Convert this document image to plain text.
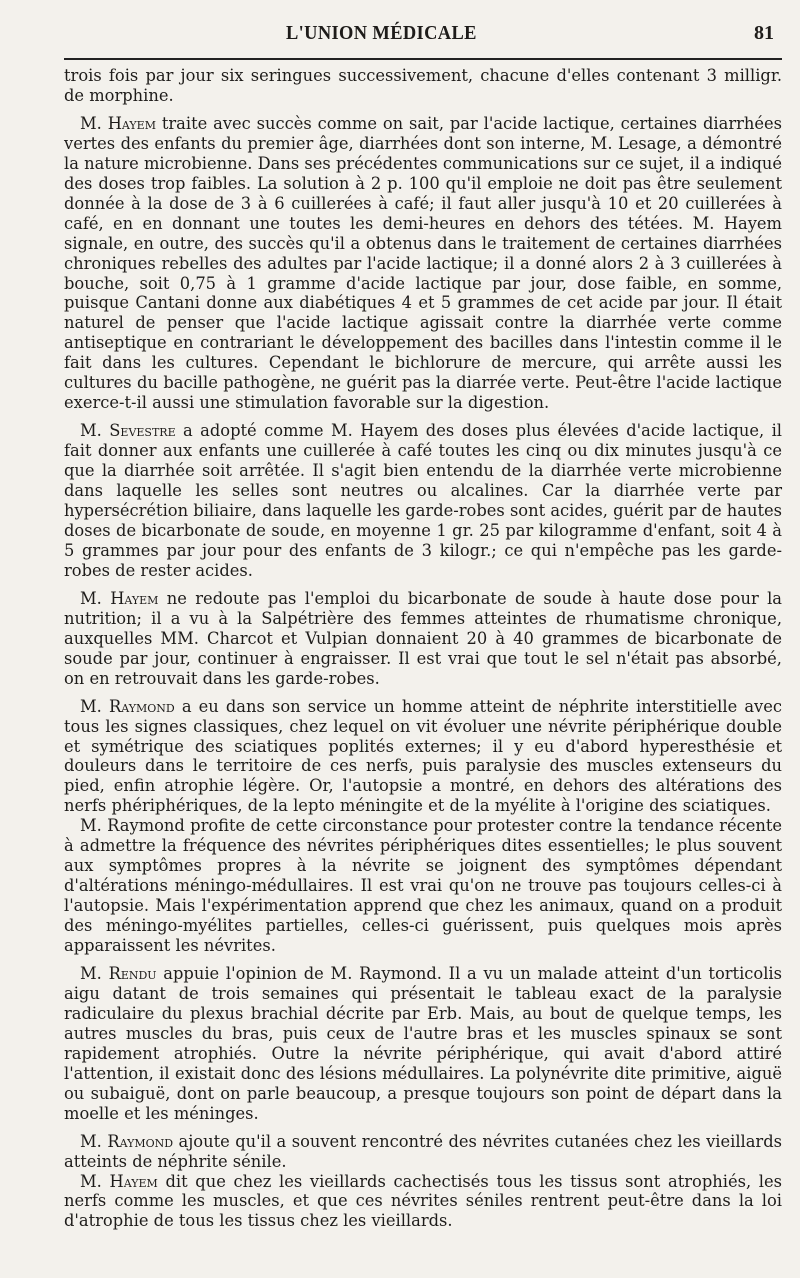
L'UNION MÉDICALE	81

trois fois par jour six seringues successivement, chacune d'elles contenant 3 milligr. de morphine.

M. Hayem traite avec succès comme on sait, par l'acide lactique, certaines diarrhées vertes des enfants du premier âge, diarrhées dont son interne, M. Lesage, a démontré la nature microbienne. Dans ses précédentes communications sur ce sujet, il a indiqué des doses trop faibles. La solution à 2 p. 100 qu'il emploie ne doit pas être seulement donnée à la dose de 3 à 6 cuillerées à café; il faut aller jusqu'à 10 et 20 cuillerées à café, en en donnant une toutes les demi-heures en dehors des tétées. M. Hayem signale, en outre, des succès qu'il a obtenus dans le traitement de certaines diarrhées chroniques rebelles des adultes par l'acide lactique; il a donné alors 2 à 3 cuillerées à bouche, soit 0,75 à 1 gramme d'acide lactique par jour, dose faible, en somme, puisque Cantani donne aux diabétiques 4 et 5 grammes de cet acide par jour. Il était naturel de penser que l'acide lactique agissait contre la diarrhée verte comme antiseptique en contrariant le développement des bacilles dans l'intestin comme il le fait dans les cultures. Cependant le bichlorure de mercure, qui arrête aussi les cultures du bacille pathogène, ne guérit pas la diarrée verte. Peut-être l'acide lactique exerce-t-il aussi une stimulation favorable sur la digestion.

M. Sevestre a adopté comme M. Hayem des doses plus élevées d'acide lactique, il fait donner aux enfants une cuillerée à café toutes les cinq ou dix minutes jusqu'à ce que la diarrhée soit arrêtée. Il s'agit bien entendu de la diarrhée verte microbienne dans laquelle les selles sont neutres ou alcalines. Car la diarrhée verte par hypersécrétion biliaire, dans laquelle les garde-robes sont acides, guérit par de hautes doses de bicarbonate de soude, en moyenne 1 gr. 25 par kilogramme d'enfant, soit 4 à 5 grammes par jour pour des enfants de 3 kilogr.; ce qui n'empêche pas les garde-robes de rester acides.

M. Hayem ne redoute pas l'emploi du bicarbonate de soude à haute dose pour la nutrition; il a vu à la Salpétrière des femmes atteintes de rhumatisme chronique, auxquelles MM. Charcot et Vulpian donnaient 20 à 40 grammes de bicarbonate de soude par jour, continuer à engraisser. Il est vrai que tout le sel n'était pas absorbé, on en retrouvait dans les garde-robes.

M. Raymond a eu dans son service un homme atteint de néphrite interstitielle avec tous les signes classiques, chez lequel on vit évoluer une névrite périphérique double et symétrique des sciatiques poplités externes; il y eu d'abord hyperesthésie et douleurs dans le territoire de ces nerfs, puis paralysie des muscles extenseurs du pied, enfin atrophie légère. Or, l'autopsie a montré, en dehors des altérations des nerfs phériphériques, de la lepto méningite et de la myélite à l'origine des sciatiques.

M. Raymond profite de cette circonstance pour protester contre la tendance récente à admettre la fréquence des névrites périphériques dites essentielles; le plus souvent aux symptômes propres à la névrite se joignent des symptômes dépendant d'altérations méningo-médullaires. Il est vrai qu'on ne trouve pas toujours celles-ci à l'autopsie. Mais l'expérimentation apprend que chez les animaux, quand on a produit des méningo-myélites partielles, celles-ci guérissent, puis quelques mois après apparaissent les névrites.

M. Rendu appuie l'opinion de M. Raymond. Il a vu un malade atteint d'un torticolis aigu datant de trois semaines qui présentait le tableau exact de la paralysie radiculaire du plexus brachial décrite par Erb. Mais, au bout de quelque temps, les autres muscles du bras, puis ceux de l'autre bras et les muscles spinaux se sont rapidement atrophiés. Outre la névrite périphérique, qui avait d'abord attiré l'attention, il existait donc des lésions médullaires. La polynévrite dite primitive, aiguë ou subaiguë, dont on parle beaucoup, a presque toujours son point de départ dans la moelle et les méninges.

M. Raymond ajoute qu'il a souvent rencontré des névrites cutanées chez les vieillards atteints de néphrite sénile.

M. Hayem dit que chez les vieillards cachectisés tous les tissus sont atrophiés, les nerfs comme les muscles, et que ces névrites séniles rentrent peut-être dans la loi d'atrophie de tous les tissus chez les vieillards.
